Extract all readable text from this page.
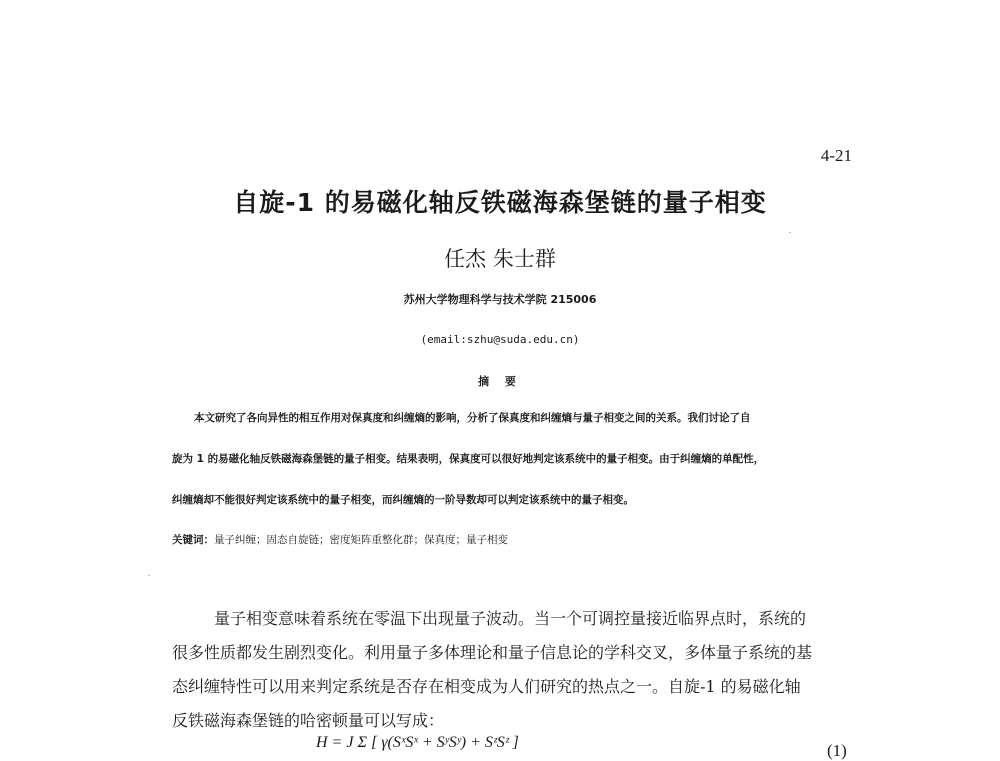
4-21
自旋-1 的易磁化轴反铁磁海森堡链的量子相变
任杰 朱士群
苏州大学物理科学与技术学院 215006
(email:szhu@suda.edu.cn)
摘 要
本文研究了各向异性的相互作用对保真度和纠缠熵的影响，分析了保真度和纠缠熵与量子相变之间的关系。我们讨论了自
旋为 1 的易磁化轴反铁磁海森堡链的量子相变。结果表明，保真度可以很好地判定该系统中的量子相变。由于纠缠熵的单配性，
纠缠熵却不能很好判定该系统中的量子相变，而纠缠熵的一阶导数却可以判定该系统中的量子相变。
关键词：量子纠缠；固态自旋链；密度矩阵重整化群；保真度；量子相变
量子相变意味着系统在零温下出现量子波动。当一个可调控量接近临界点时，系统的
很多性质都发生剧烈变化。利用量子多体理论和量子信息论的学科交叉，多体量子系统的基
态纠缠特性可以用来判定系统是否存在相变成为人们研究的热点之一。自旋-1 的易磁化轴
反铁磁海森堡链的哈密顿量可以写成：
H = J Σ [ γ(SˣSˣ + SʸSʸ) + SᶻSᶻ ]	(1)
